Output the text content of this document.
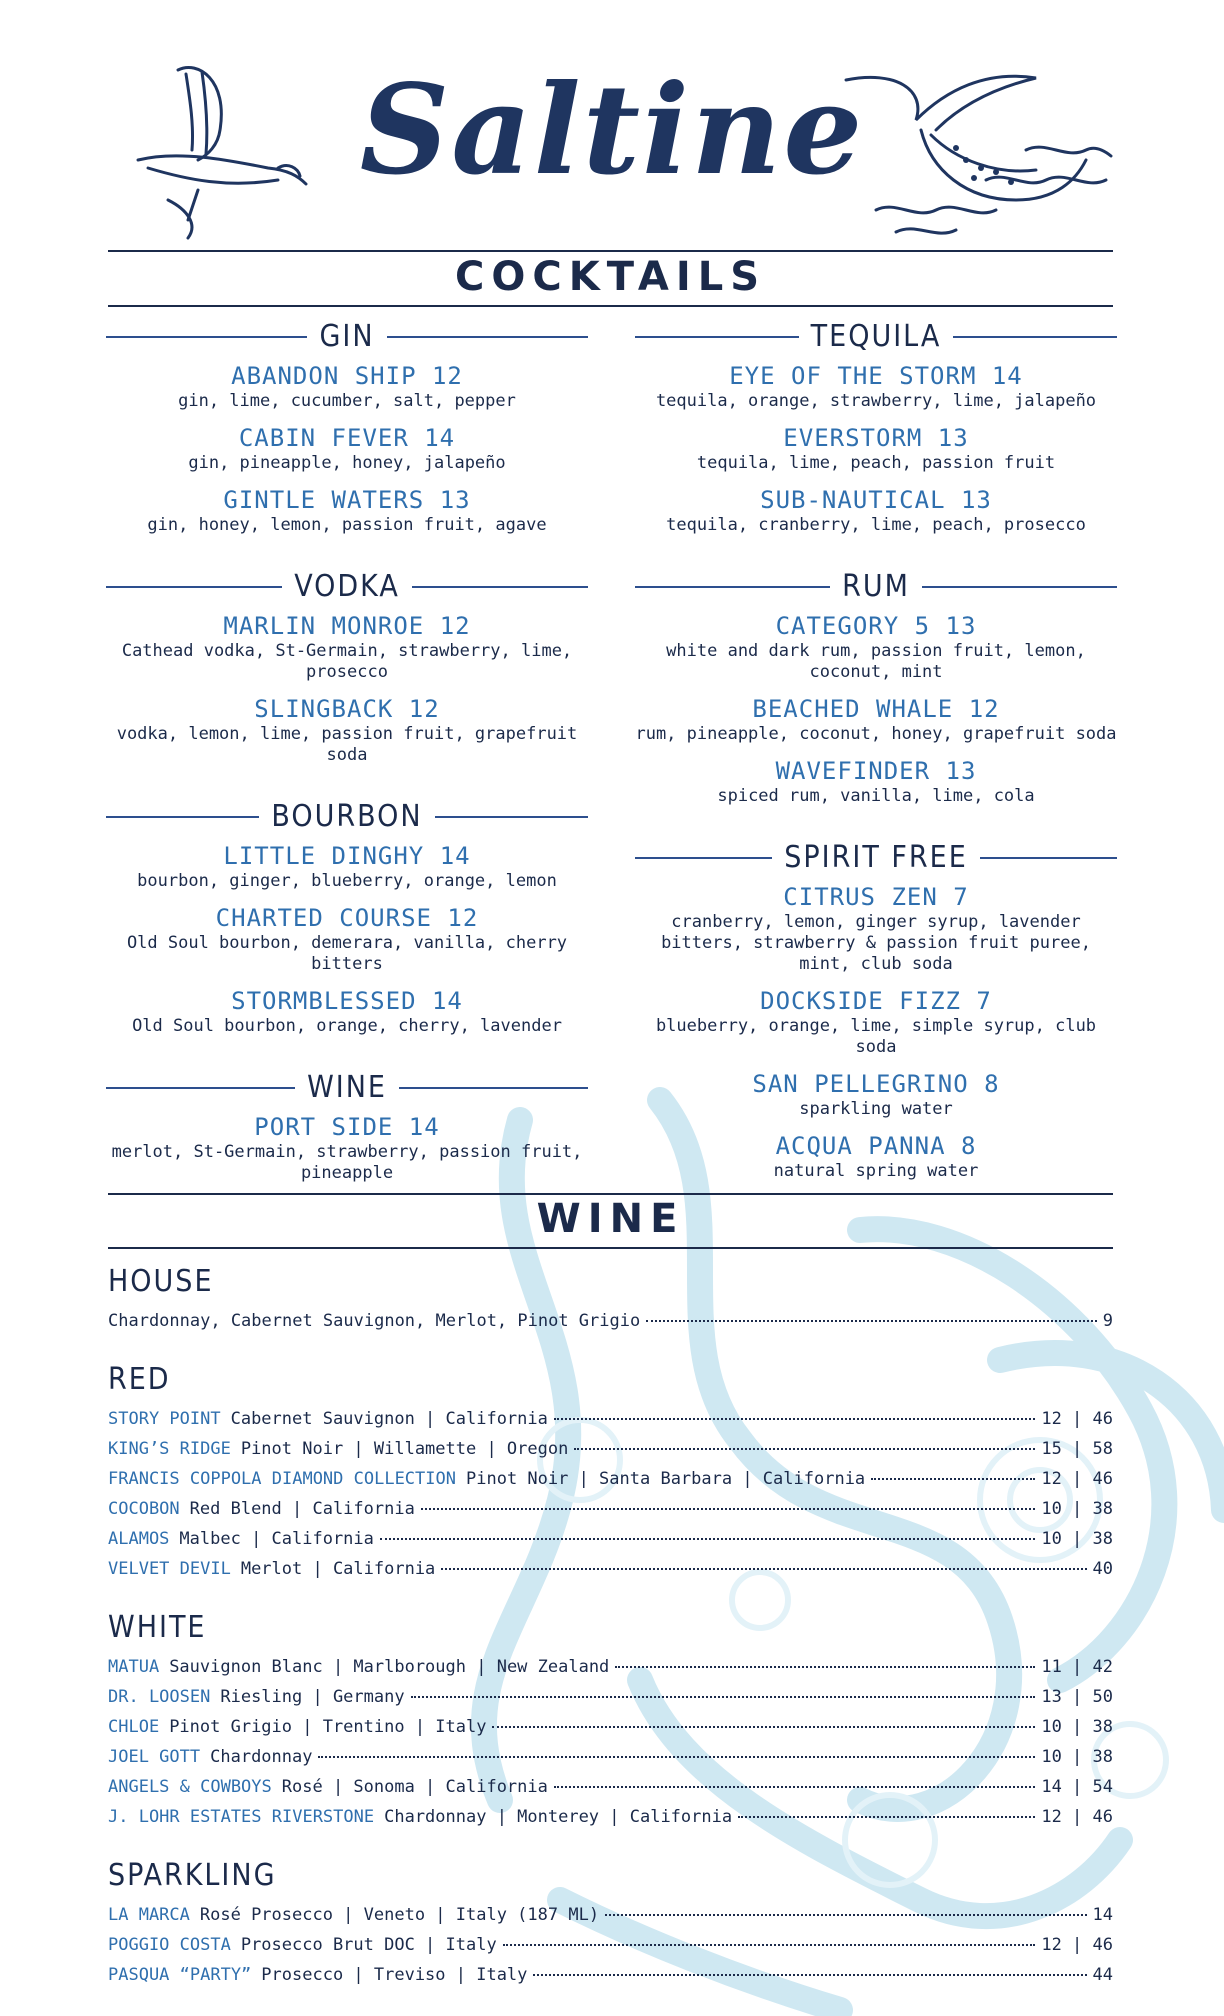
Saltine
COCKTAILS
GIN
ABANDON SHIP 12
gin, lime, cucumber, salt, pepper
CABIN FEVER 14
gin, pineapple, honey, jalapeño
GINTLE WATERS 13
gin, honey, lemon, passion fruit, agave
VODKA
MARLIN MONROE 12
Cathead vodka, St-Germain, strawberry, lime, prosecco
SLINGBACK 12
vodka, lemon, lime, passion fruit, grapefruit soda
BOURBON
LITTLE DINGHY 14
bourbon, ginger, blueberry, orange, lemon
CHARTED COURSE 12
Old Soul bourbon, demerara, vanilla, cherry bitters
STORMBLESSED 14
Old Soul bourbon, orange, cherry, lavender
WINE
PORT SIDE 14
merlot, St-Germain, strawberry, passion fruit, pineapple
TEQUILA
EYE OF THE STORM 14
tequila, orange, strawberry, lime, jalapeño
EVERSTORM 13
tequila, lime, peach, passion fruit
SUB-NAUTICAL 13
tequila, cranberry, lime, peach, prosecco
RUM
CATEGORY 5 13
white and dark rum, passion fruit, lemon, coconut, mint
BEACHED WHALE 12
rum, pineapple, coconut, honey, grapefruit soda
WAVEFINDER 13
spiced rum, vanilla, lime, cola
SPIRIT FREE
CITRUS ZEN 7
cranberry, lemon, ginger syrup, lavender bitters, strawberry & passion fruit puree, mint, club soda
DOCKSIDE FIZZ 7
blueberry, orange, lime, simple syrup, club soda
SAN PELLEGRINO 8
sparkling water
ACQUA PANNA 8
natural spring water
WINE
HOUSE
Chardonnay, Cabernet Sauvignon, Merlot, Pinot Grigio	9
RED
STORY POINT Cabernet Sauvignon | California	12 | 46
KING’S RIDGE Pinot Noir | Willamette | Oregon	15 | 58
FRANCIS COPPOLA DIAMOND COLLECTION Pinot Noir | Santa Barbara | California	12 | 46
COCOBON Red Blend | California	10 | 38
ALAMOS Malbec | California	10 | 38
VELVET DEVIL Merlot | California	40
WHITE
MATUA Sauvignon Blanc | Marlborough | New Zealand	11 | 42
DR. LOOSEN Riesling | Germany	13 | 50
CHLOE Pinot Grigio | Trentino | Italy	10 | 38
JOEL GOTT Chardonnay	10 | 38
ANGELS & COWBOYS Rosé | Sonoma | California	14 | 54
J. LOHR ESTATES RIVERSTONE Chardonnay | Monterey | California	12 | 46
SPARKLING
LA MARCA Rosé Prosecco | Veneto | Italy (187 ML)	14
POGGIO COSTA Prosecco Brut DOC | Italy	12 | 46
PASQUA “PARTY” Prosecco | Treviso | Italy	44
